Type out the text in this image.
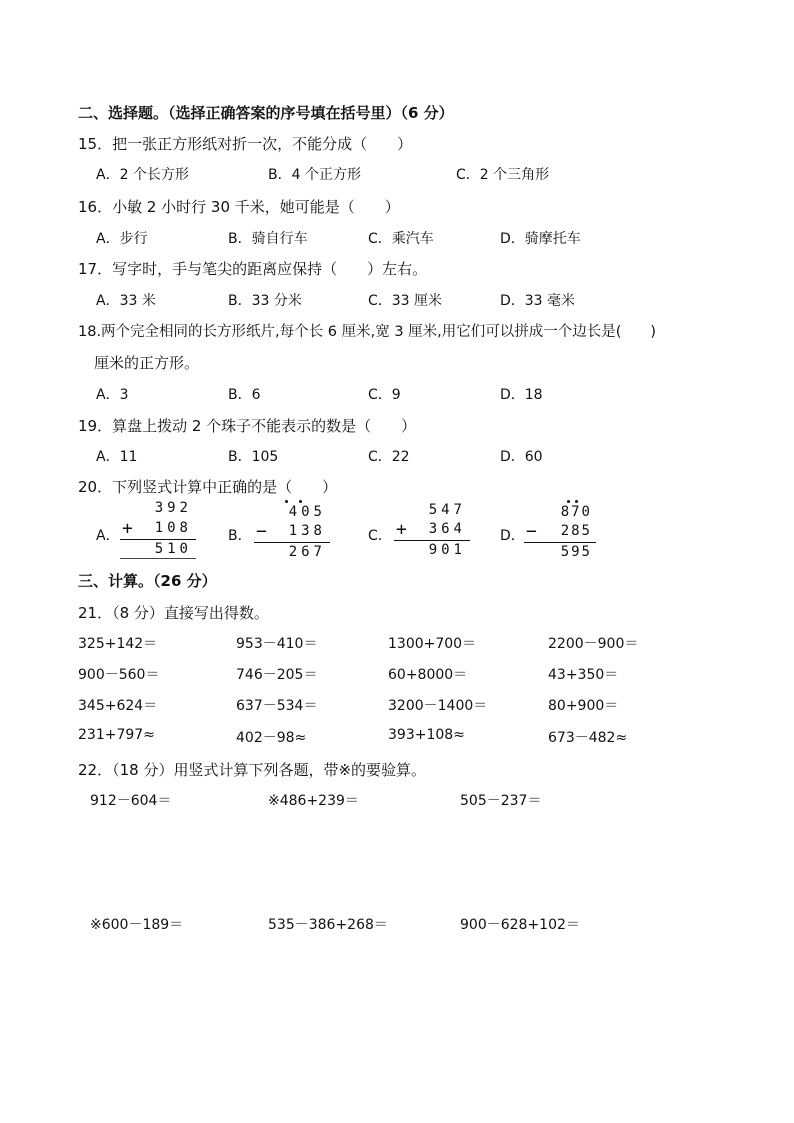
二、选择题。（选择正确答案的序号填在括号里）（6 分）
15．把一张正方形纸对折一次，不能分成（　　）
A．2 个长方形	B．4 个正方形	C．2 个三角形
16．小敏 2 小时行 30 千米，她可能是（　　）
A．步行	B．骑自行车	C．乘汽车	D．骑摩托车
17．写字时，手与笔尖的距离应保持（　　）左右。
A．33 米	B．33 分米	C．33 厘米	D．33 毫米
18.两个完全相同的长方形纸片,每个长 6 厘米,宽 3 厘米,用它们可以拼成一个边长是(　　)
厘米的正方形。
A．3	B．6	C．9	D．18
19．算盘上拨动 2 个珠子不能表示的数是（　　）
A．11	B．105	C．22	D．60
20．下列竖式计算中正确的是（　　）
A．
392
+ 108
510
B．
405
− 138
267
C．
547
+ 364
901
D．
870
− 285
595
三、计算。（26 分）
21．（8 分）直接写出得数。
325+142＝	953－410＝	1300+700＝	2200－900＝
900－560＝	746－205＝	60+8000＝	43+350＝
345+624＝	637－534＝	3200－1400＝	80+900＝
231+797≈	402－98≈	393+108≈	673－482≈
22．（18 分）用竖式计算下列各题，带※的要验算。
912－604＝	※486+239＝	505－237＝
※600－189＝	535－386+268＝	900－628+102＝
